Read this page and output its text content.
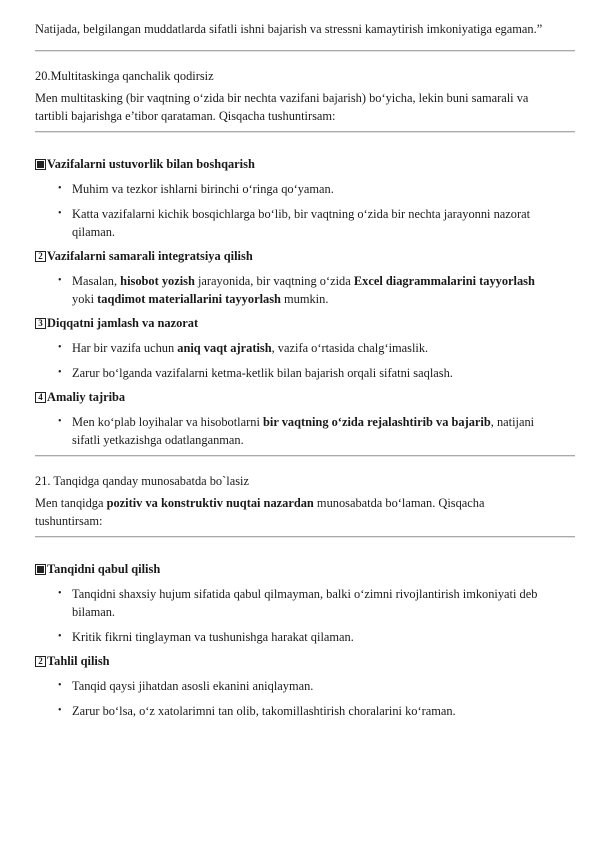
Natijada, belgilangan muddatlarda sifatli ishni bajarish va stressni kamaytirish imkoniyatiga egaman.”

20.Multitaskinga qanchalik qodirsiz

Men multitasking (bir vaqtning o‘zida bir nechta vazifani bajarish) bo‘yicha, lekin buni samarali va tartibli bajarishga e’tibor qarataman. Qisqacha tushuntirsam:

Vazifalarni ustuvorlik bilan boshqarish

• Muhim va tezkor ishlarni birinchi o‘ringa qo‘yaman.
• Katta vazifalarni kichik bosqichlarga bo‘lib, bir vaqtning o‘zida bir nechta jarayonni nazorat qilaman.

2 Vazifalarni samarali integratsiya qilish

• Masalan, hisobot yozish jarayonida, bir vaqtning o‘zida Excel diagrammalarini tayyorlash yoki taqdimot materiallarini tayyorlash mumkin.

3 Diqqatni jamlash va nazorat

• Har bir vazifa uchun aniq vaqt ajratish, vazifa o‘rtasida chalg‘imaslik.
• Zarur bo‘lganda vazifalarni ketma-ketlik bilan bajarish orqali sifatni saqlash.

4 Amaliy tajriba

• Men ko‘plab loyihalar va hisobotlarni bir vaqtning o‘zida rejalashtirib va bajarib, natijani sifatli yetkazishga odatlanganman.

21. Tanqidga qanday munosabatda bo`lasiz

Men tanqidga pozitiv va konstruktiv nuqtai nazardan munosabatda bo‘laman. Qisqacha tushuntirsam:

Tanqidni qabul qilish

• Tanqidni shaxsiy hujum sifatida qabul qilmayman, balki o‘zimni rivojlantirish imkoniyati deb bilaman.
• Kritik fikrni tinglayman va tushunishga harakat qilaman.

2 Tahlil qilish

• Tanqid qaysi jihatdan asosli ekanini aniqlayman.
• Zarur bo‘lsa, o‘z xatolarimni tan olib, takomillashtirish choralarini ko‘raman.
